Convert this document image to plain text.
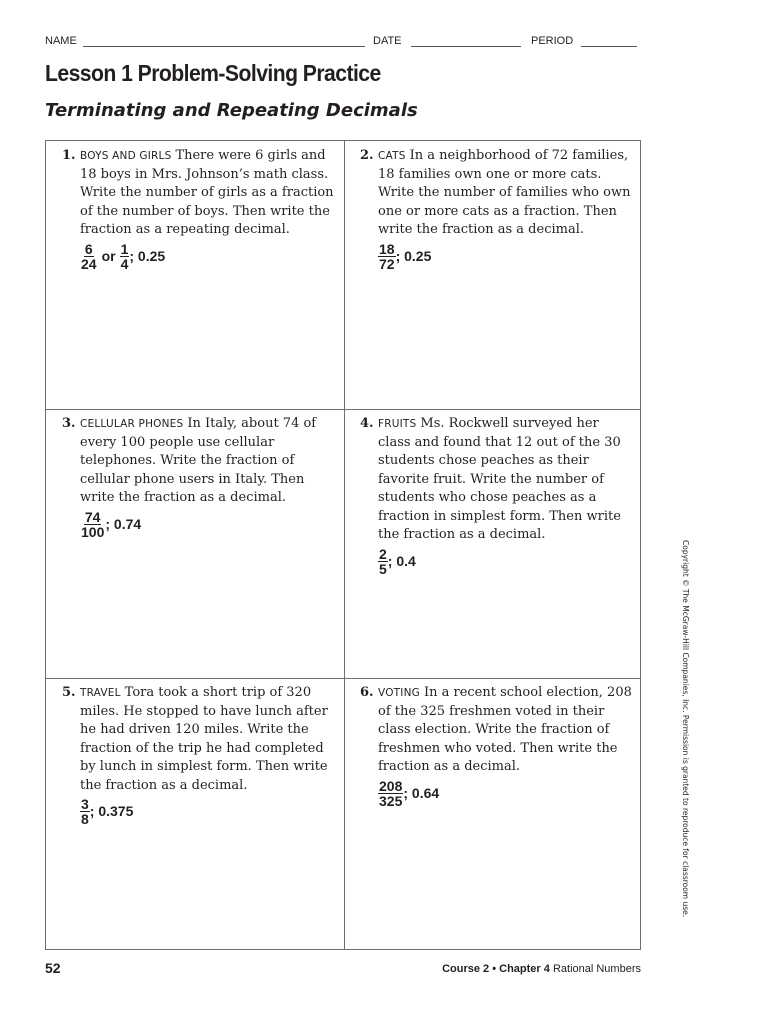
NAME	DATE	PERIOD
Lesson 1 Problem-Solving Practice
Terminating and Repeating Decimals
1. BOYS AND GIRLS There were 6 girls and 18 boys in Mrs. Johnson’s math class. Write the number of girls as a fraction of the number of boys. Then write the fraction as a repeating decimal.
$\frac{6}{24}$ or $\frac{1}{4}$ ; 0.25
2. CATS In a neighborhood of 72 families, 18 families own one or more cats. Write the number of families who own one or more cats as a fraction. Then write the fraction as a decimal.
$\frac{18}{72}$ ; 0.25
3. CELLULAR PHONES In Italy, about 74 of every 100 people use cellular telephones. Write the fraction of cellular phone users in Italy. Then write the fraction as a decimal.
$\frac{74}{100}$ ; 0.74
4. FRUITS Ms. Rockwell surveyed her class and found that 12 out of the 30 students chose peaches as their favorite fruit. Write the number of students who chose peaches as a fraction in simplest form. Then write the fraction as a decimal.
$\frac{2}{5}$ ; 0.4
5. TRAVEL Tora took a short trip of 320 miles. He stopped to have lunch after he had driven 120 miles. Write the fraction of the trip he had completed by lunch in simplest form. Then write the fraction as a decimal.
$\frac{3}{8}$ ; 0.375
6. VOTING In a recent school election, 208 of the 325 freshmen voted in their class election. Write the fraction of freshmen who voted. Then write the fraction as a decimal.
$\frac{208}{325}$ ; 0.64	Copyright © The McGraw-Hill Companies, Inc. Permission is granted to reproduce for classroom use.
52	Course 2 • Chapter 4 Rational Numbers
